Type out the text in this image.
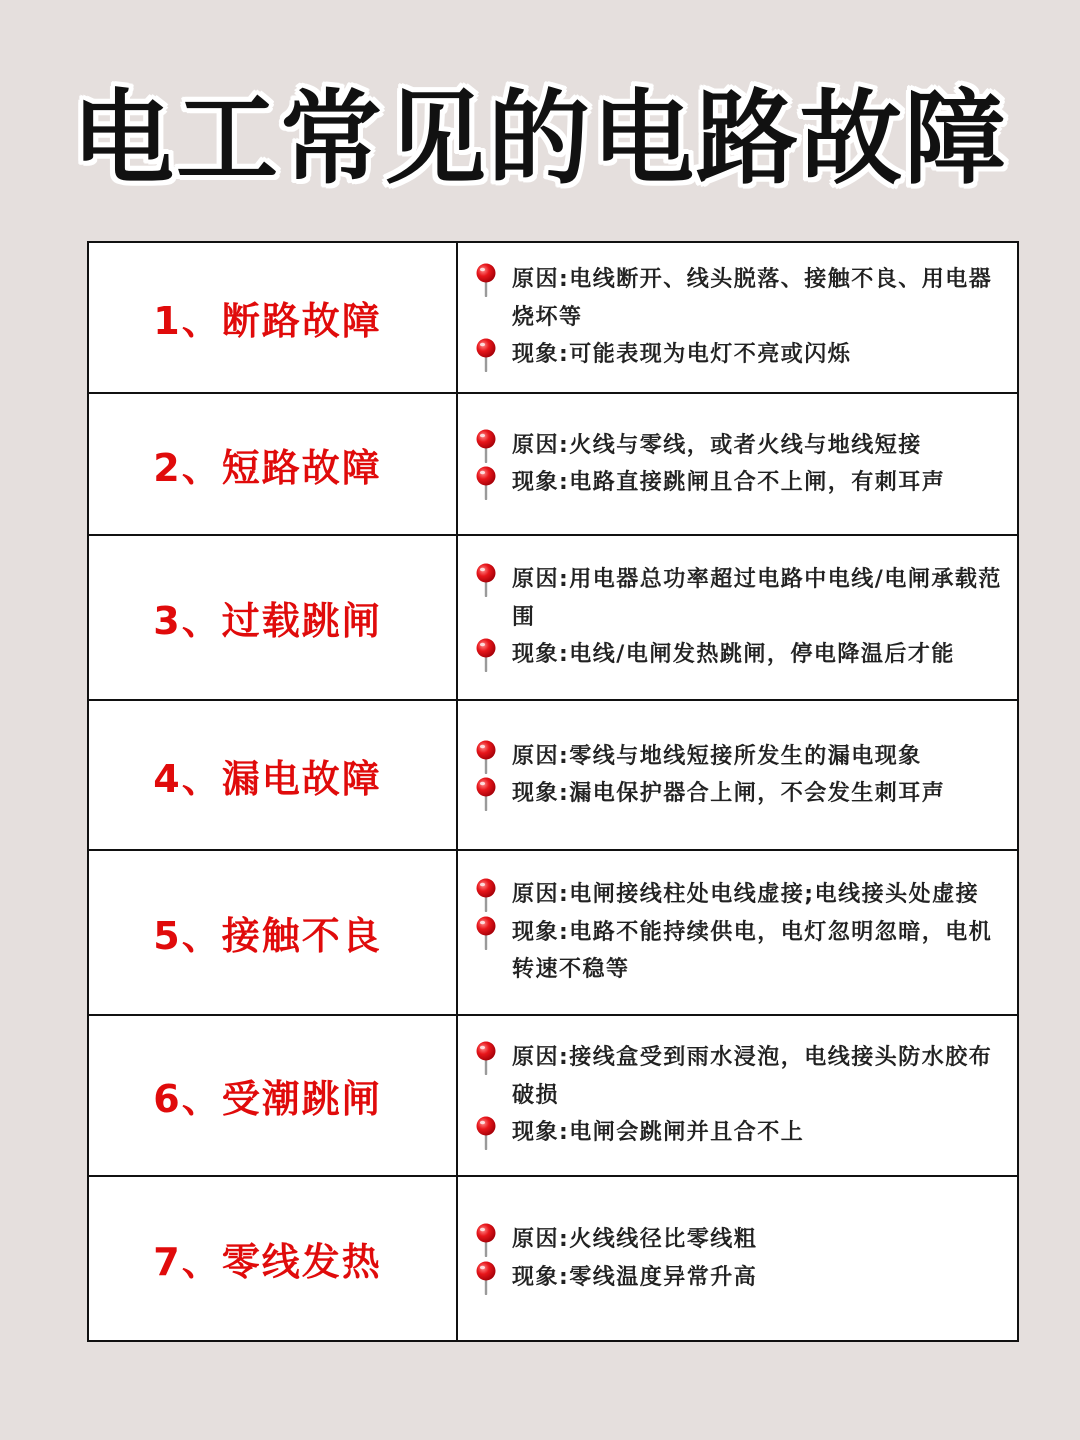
电工常见的电路故障
1、断路故障	原因:电线断开、线头脱落、接触不良、用电器烧坏等
现象:可能表现为电灯不亮或闪烁

2、短路故障	原因:火线与零线，或者火线与地线短接
现象:电路直接跳闸且合不上闸，有刺耳声

3、过载跳闸	原因:用电器总功率超过电路中电线/电闸承载范围
现象:电线/电闸发热跳闸，停电降温后才能

4、漏电故障	原因:零线与地线短接所发生的漏电现象
现象:漏电保护器合上闸，不会发生刺耳声

5、接触不良	原因:电闸接线柱处电线虚接;电线接头处虚接
现象:电路不能持续供电，电灯忽明忽暗，电机转速不稳等

6、受潮跳闸	原因:接线盒受到雨水浸泡，电线接头防水胶布破损
现象:电闸会跳闸并且合不上

7、零线发热	原因:火线线径比零线粗
现象:零线温度异常升高
